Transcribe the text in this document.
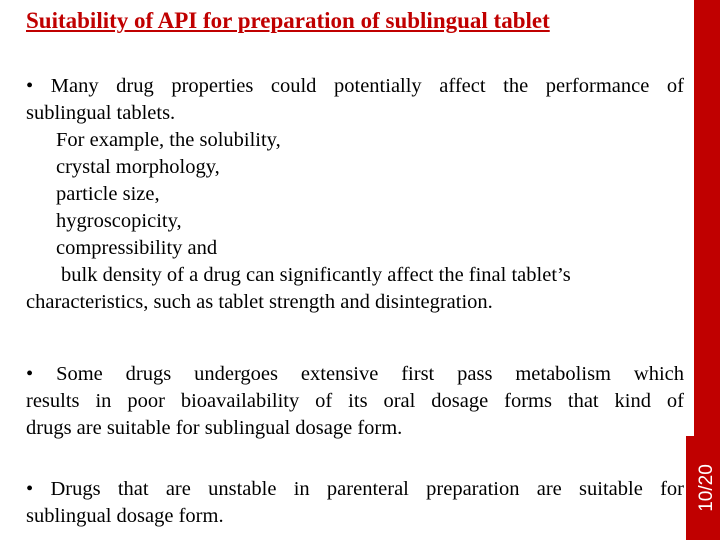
10/20
Suitability of API for preparation of sublingual tablet
• Many drug properties could potentially affect the performance of
sublingual tablets.
For example, the solubility,
crystal morphology,
particle size,
hygroscopicity,
compressibility and
bulk density of a drug can significantly affect the final tablet’s
characteristics, such as tablet strength and disintegration.
• Some drugs undergoes extensive first pass metabolism which
results in poor bioavailability of its oral dosage forms that kind of
drugs are suitable for sublingual dosage form.
• Drugs that are unstable in parenteral preparation are suitable for
sublingual dosage form.
